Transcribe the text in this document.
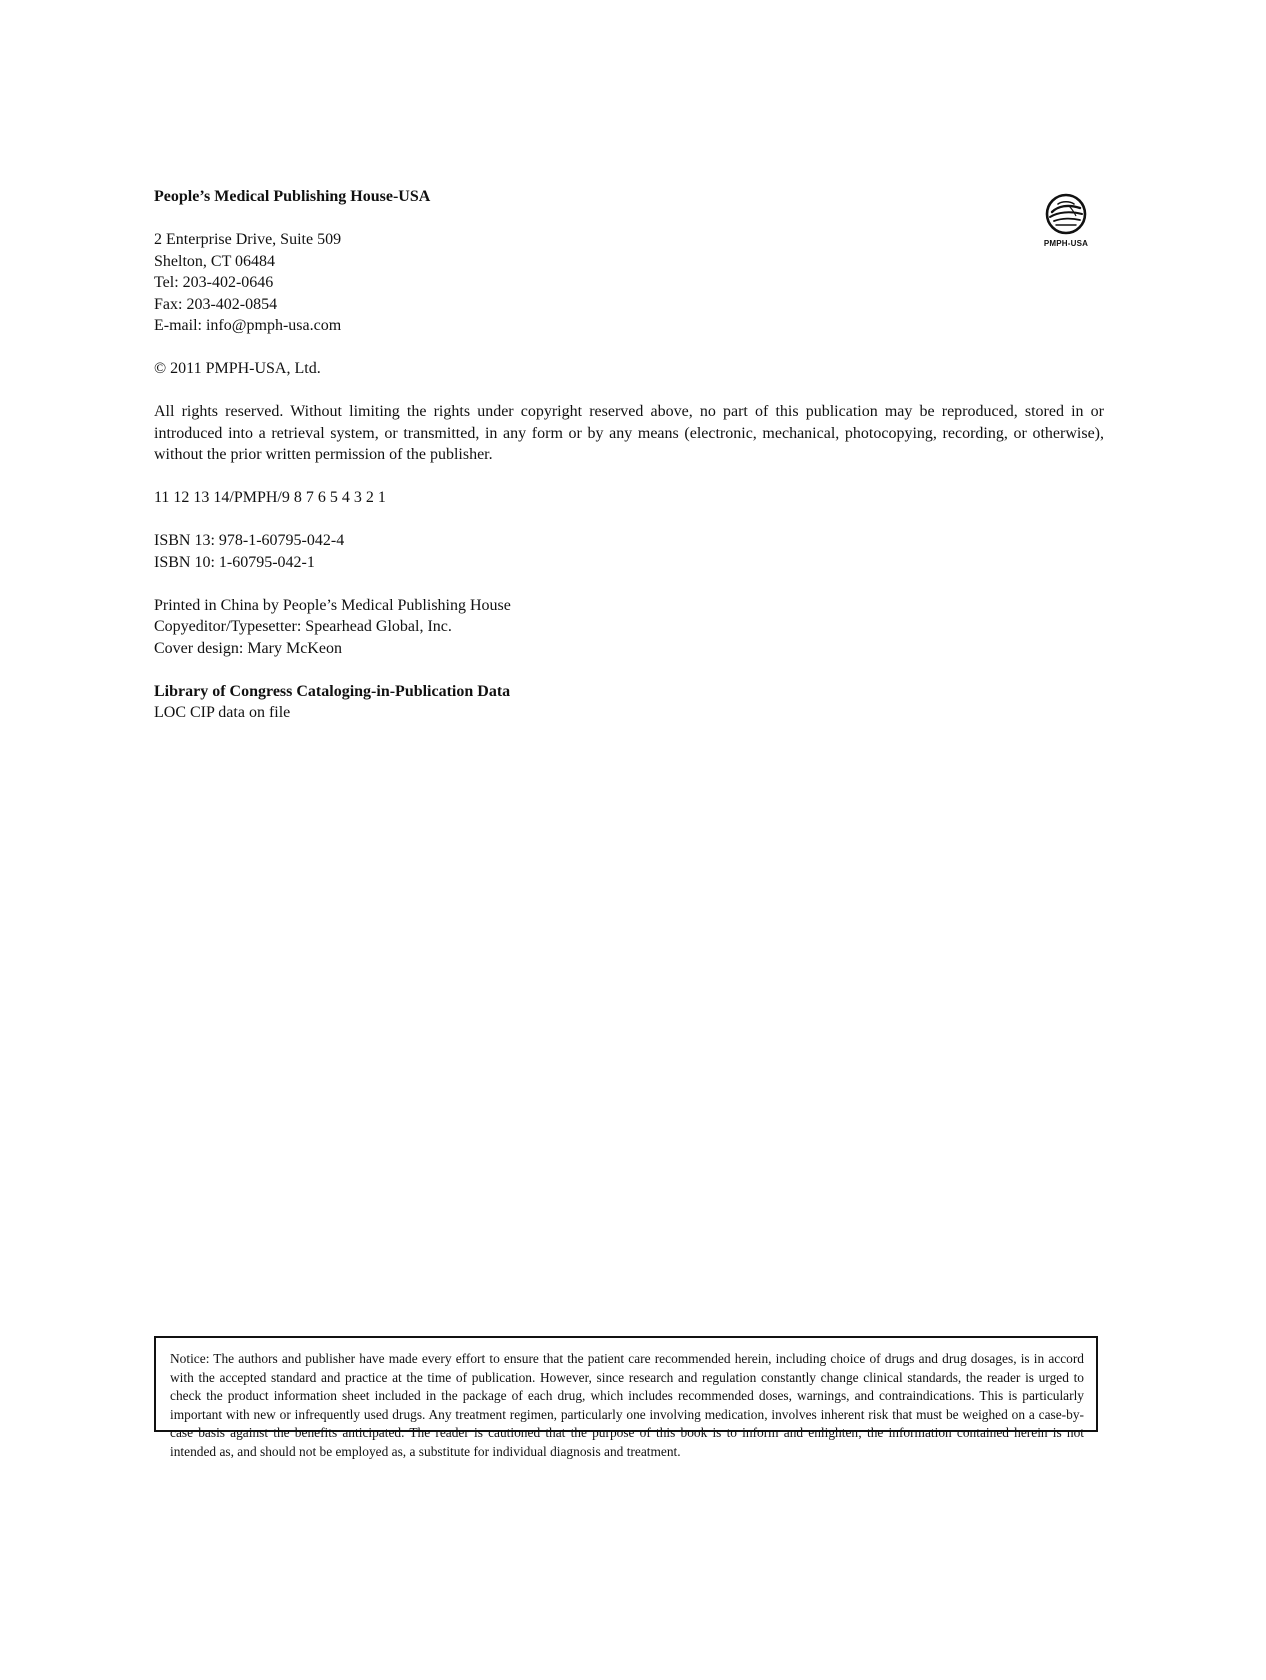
People’s Medical Publishing House-USA
2 Enterprise Drive, Suite 509
Shelton, CT 06484
Tel: 203-402-0646
Fax: 203-402-0854
E-mail: info@pmph-usa.com
© 2011 PMPH-USA, Ltd.
All rights reserved. Without limiting the rights under copyright reserved above, no part of this publication may be reproduced, stored in or introduced into a retrieval system, or transmitted, in any form or by any means (electronic, mechanical, photocopying, recording, or otherwise), without the prior written permission of the publisher.
11 12 13 14/PMPH/9 8 7 6 5 4 3 2 1
ISBN 13: 978-1-60795-042-4
ISBN 10: 1-60795-042-1
Printed in China by People’s Medical Publishing House
Copyeditor/Typesetter: Spearhead Global, Inc.
Cover design: Mary McKeon
Library of Congress Cataloging-in-Publication Data
LOC CIP data on file
PMPH-USA
Notice: The authors and publisher have made every effort to ensure that the patient care recommended herein, including choice of drugs and drug dosages, is in accord with the accepted standard and practice at the time of publication. However, since research and regulation constantly change clinical standards, the reader is urged to check the product information sheet included in the package of each drug, which includes recommended doses, warnings, and contraindications. This is particularly important with new or infrequently used drugs. Any treatment regimen, particularly one involving medication, involves inherent risk that must be weighed on a case-by-case basis against the benefits anticipated. The reader is cautioned that the purpose of this book is to inform and enlighten; the information contained herein is not intended as, and should not be employed as, a substitute for individual diagnosis and treatment.
